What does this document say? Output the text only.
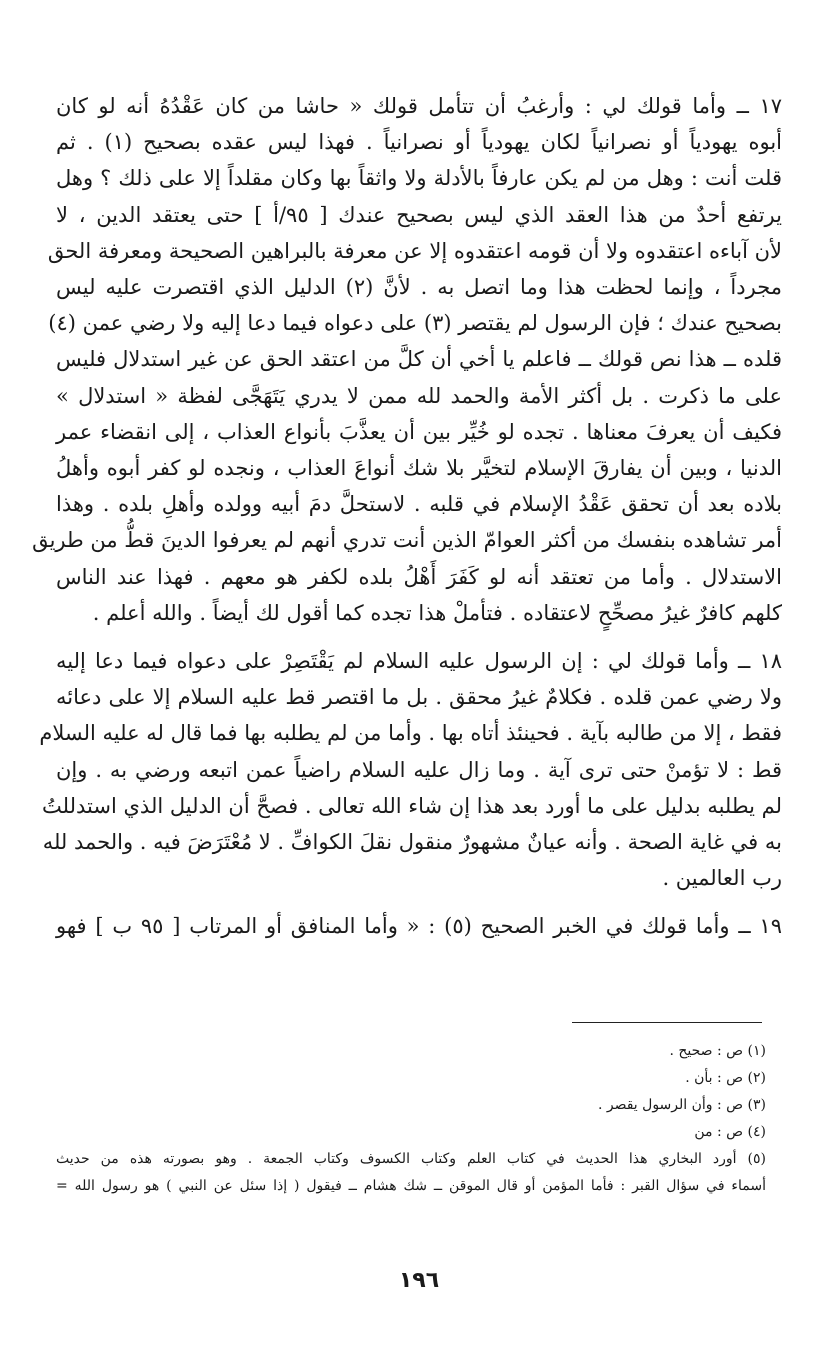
١٧ ــ وأما قولك لي : وأرغبُ أن تتأمل قولك « حاشا من كان عَقْدُهُ أنه لو كان
أبوه يهودياً أو نصرانياً لكان يهودياً أو نصرانياً . فهذا ليس عقده بصحيح (١) . ثم
قلت أنت : وهل من لم يكن عارفاً بالأدلة ولا واثقاً بها وكان مقلداً إلا على ذلك ؟ وهل
يرتفع أحدٌ من هذا العقد الذي ليس بصحيح عندك [ ٩٥/أ ] حتى يعتقد الدين ، لا
لأن آباءه اعتقدوه ولا أن قومه اعتقدوه إلا عن معرفة بالبراهين الصحيحة ومعرفة الحق
مجرداً ، وإنما لحظت هذا وما اتصل به . لأنَّ (٢) الدليل الذي اقتصرت عليه ليس
بصحيح عندك ؛ فإن الرسول لم يقتصر (٣) على دعواه فيما دعا إليه ولا رضي عمن (٤)
قلده ــ هذا نص قولك ــ فاعلم يا أخي أن كلَّ من اعتقد الحق عن غير استدلال فليس
على ما ذكرت . بل أكثر الأمة والحمد لله ممن لا يدري يَتَهَجَّى لفظة « استدلال »
فكيف أن يعرفَ معناها . تجده لو خُيِّر بين أن يعذَّبَ بأنواع العذاب ، إلى انقضاء عمر
الدنيا ، وبين أن يفارقَ الإسلام لتخيَّر بلا شك أنواعَ العذاب ، ونجده لو كفر أبوه وأهلُ
بلاده بعد أن تحقق عَقْدُ الإسلام في قلبه . لاستحلَّ دمَ أبيه وولده وأهلِ بلده . وهذا
أمر تشاهده بنفسك من أكثر العوامّ الذين أنت تدري أنهم لم يعرفوا الدينَ قطُّ من طريق
الاستدلال . وأما من تعتقد أنه لو كَفَرَ أَهْلُ بلده لكفر هو معهم . فهذا عند الناس
كلهم كافرٌ غيرُ مصحِّحٍ لاعتقاده . فتأملْ هذا تجده كما أقول لك أيضاً . والله أعلم .

١٨ ــ وأما قولك لي : إن الرسول عليه السلام لم يَقْتَصِرْ على دعواه فيما دعا إليه
ولا رضي عمن قلده . فكلامٌ غيرُ محقق . بل ما اقتصر قط عليه السلام إلا على دعائه
فقط ، إلا من طالبه بآية . فحينئذ أتاه بها . وأما من لم يطلبه بها فما قال له عليه السلام
قط : لا تؤمنْ حتى ترى آية . وما زال عليه السلام راضياً عمن اتبعه ورضي به . وإن
لم يطلبه بدليل على ما أورد بعد هذا إن شاء الله تعالى . فصحَّ أن الدليل الذي استدللتُ
به في غاية الصحة . وأنه عيانٌ مشهورٌ منقول نقلَ الكوافِّ . لا مُعْتَرَضَ فيه . والحمد لله
رب العالمين .

١٩ ــ وأما قولك في الخبر الصحيح (٥) : « وأما المنافق أو المرتاب [ ٩٥ ب ] فهو

(١) ص : صحيح .
(٢) ص : بأن .
(٣) ص : وأن الرسول يقصر .
(٤) ص : من
(٥) أورد البخاري هذا الحديث في كتاب العلم وكتاب الكسوف وكتاب الجمعة . وهو بصورته هذه من حديث
أسماء في سؤال القبر : فأما المؤمن أو قال الموقن ــ شك هشام ــ فيقول ( إذا سئل عن النبي ) هو رسول الله =
١٩٦
